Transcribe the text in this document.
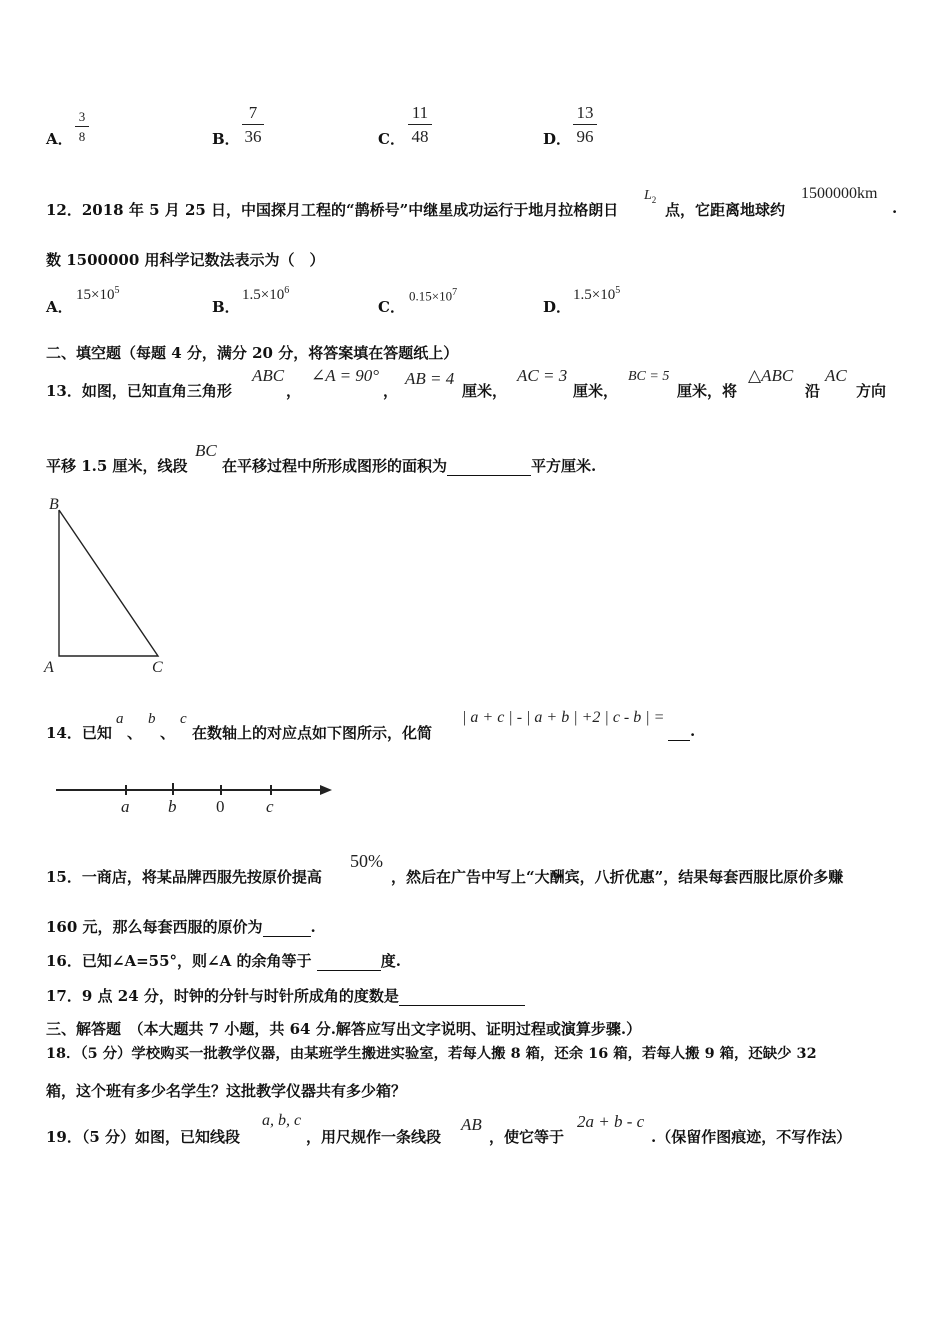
A．
3
8	B．
7
36	C．
11
48	D．
13
96
12．2018 年 5 月 25 日，中国探月工程的“鹊桥号”中继星成功运行于地月拉格朗日
$L_2$
点，它距离地球约
1500000km
.
数 1500000 用科学记数法表示为（　）
A．
$15\times 10^5$
B．
$1.5\times 10^6$
C．
$0.15\times 10^7$
D．
$1.5\times 10^5$
二、填空题（每题 4 分，满分 20 分，将答案填在答题纸上）
13．如图，已知直角三角形
ABC
，
∠A = 90°
，
AB = 4
厘米，
AC = 3
厘米，
BC = 5
厘米，将
△ABC
沿
AC
方向
平移 1.5 厘米，线段
BC
在平移过程中所形成图形的面积为	平方厘米.
B
A	C
14．已知
a
、
b
、
c
在数轴上的对应点如下图所示，化简
| a + c | - | a + b | +2 | c - b | =
.
a b 0 c
15．一商店，将某品牌西服先按原价提高
50%
，然后在广告中写上“大酬宾，八折优惠”，结果每套西服比原价多赚
160 元，那么每套西服的原价为	.
16．已知∠A=55°，则∠A 的余角等于	度.
17．9 点 24 分，时钟的分针与时针所成角的度数是
三、解答题　（本大题共 7 小题，共 64 分.解答应写出文字说明、证明过程或演算步骤.）
18．（5 分）学校购买一批教学仪器，由某班学生搬进实验室，若每人搬 8 箱，还余 16 箱，若每人搬 9 箱，还缺少 32
箱，这个班有多少名学生？这批教学仪器共有多少箱？
19．（5 分）如图，已知线段
a, b, c
，用尺规作一条线段
AB
，使它等于
2a + b - c
.（保留作图痕迹，不写作法）
